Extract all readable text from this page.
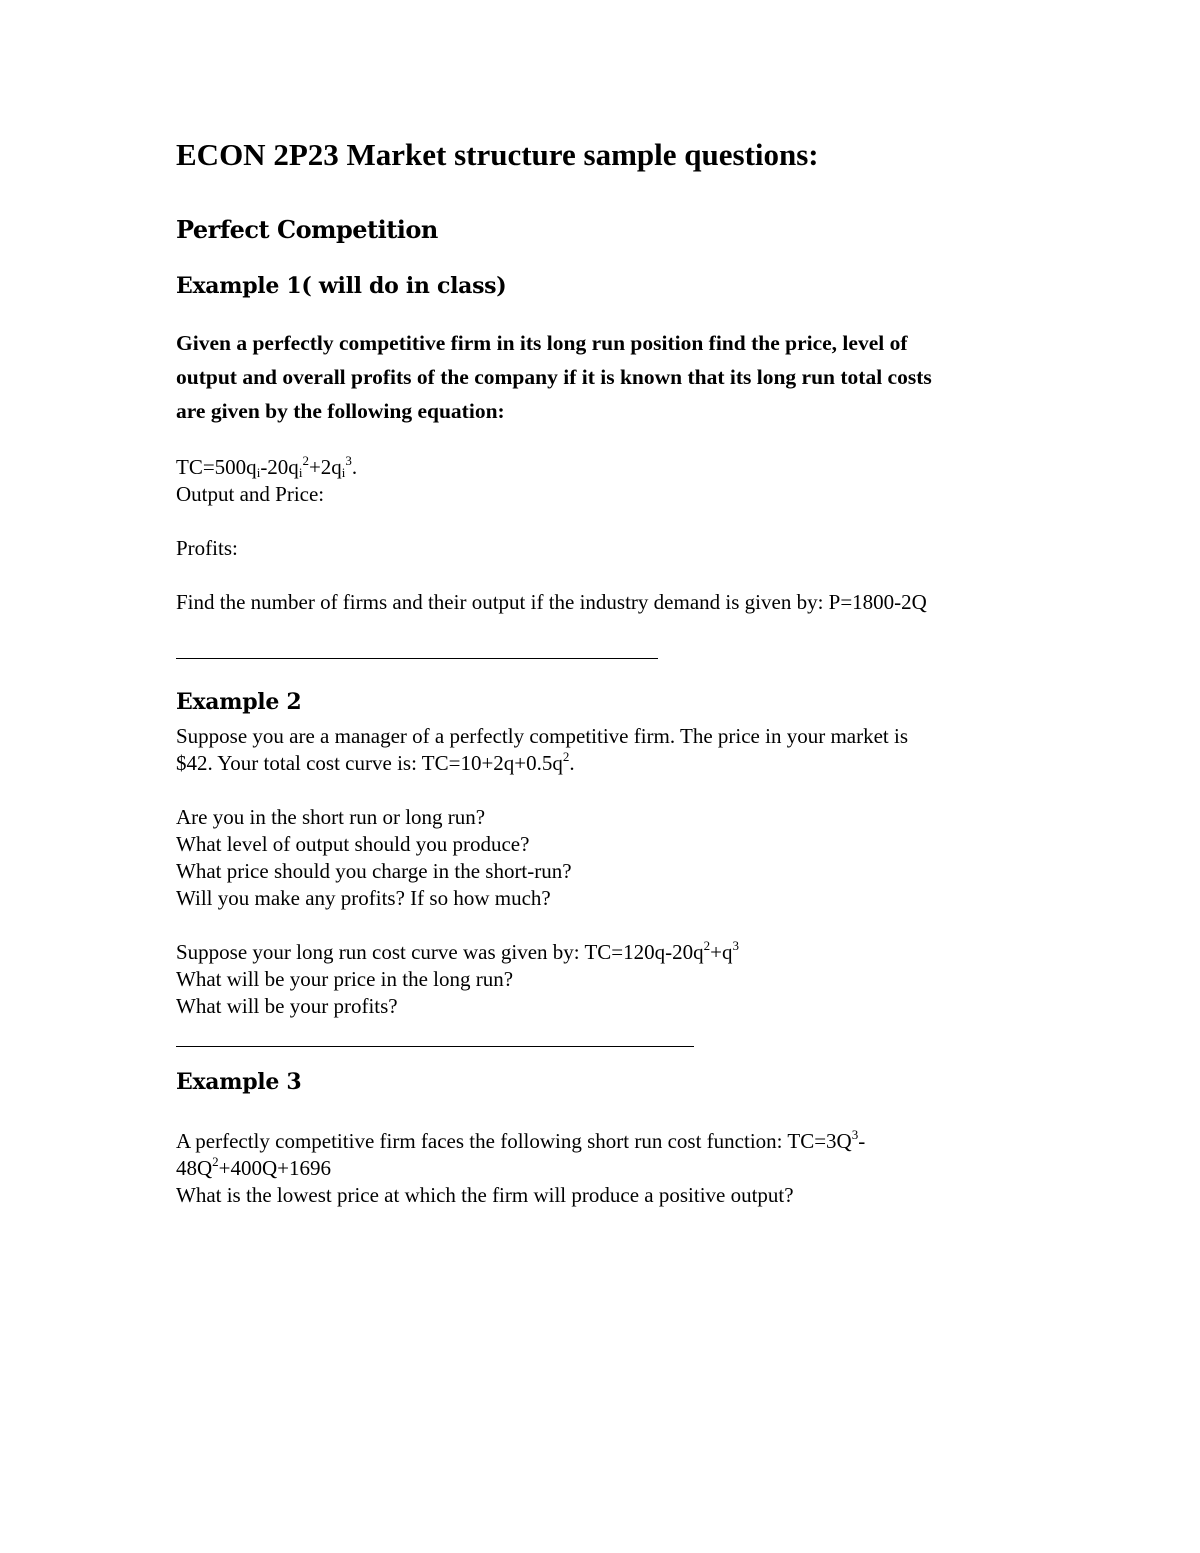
ECON 2P23 Market structure sample questions:
Perfect Competition
Example 1( will do in class)
Given a perfectly competitive firm in its long run position find the price, level of
output and overall profits of the company if it is known that its long run total costs
are given by the following equation:
$TC=500q_i-20q_i^2+2q_i^3$.
Output and Price:
Profits:
Find the number of firms and their output if the industry demand is given by: P=1800-2Q
Example 2
Suppose you are a manager of a perfectly competitive firm. The price in your market is
$42. Your total cost curve is: $TC=10+2q+0.5q^2$.
Are you in the short run or long run?
What level of output should you produce?
What price should you charge in the short-run?
Will you make any profits? If so how much?
Suppose your long run cost curve was given by: $TC=120q-20q^2+q^3$
What will be your price in the long run?
What will be your profits?
Example 3
A perfectly competitive firm faces the following short run cost function: $TC=3Q^3-$
$48Q^2+400Q+1696$
What is the lowest price at which the firm will produce a positive output?
